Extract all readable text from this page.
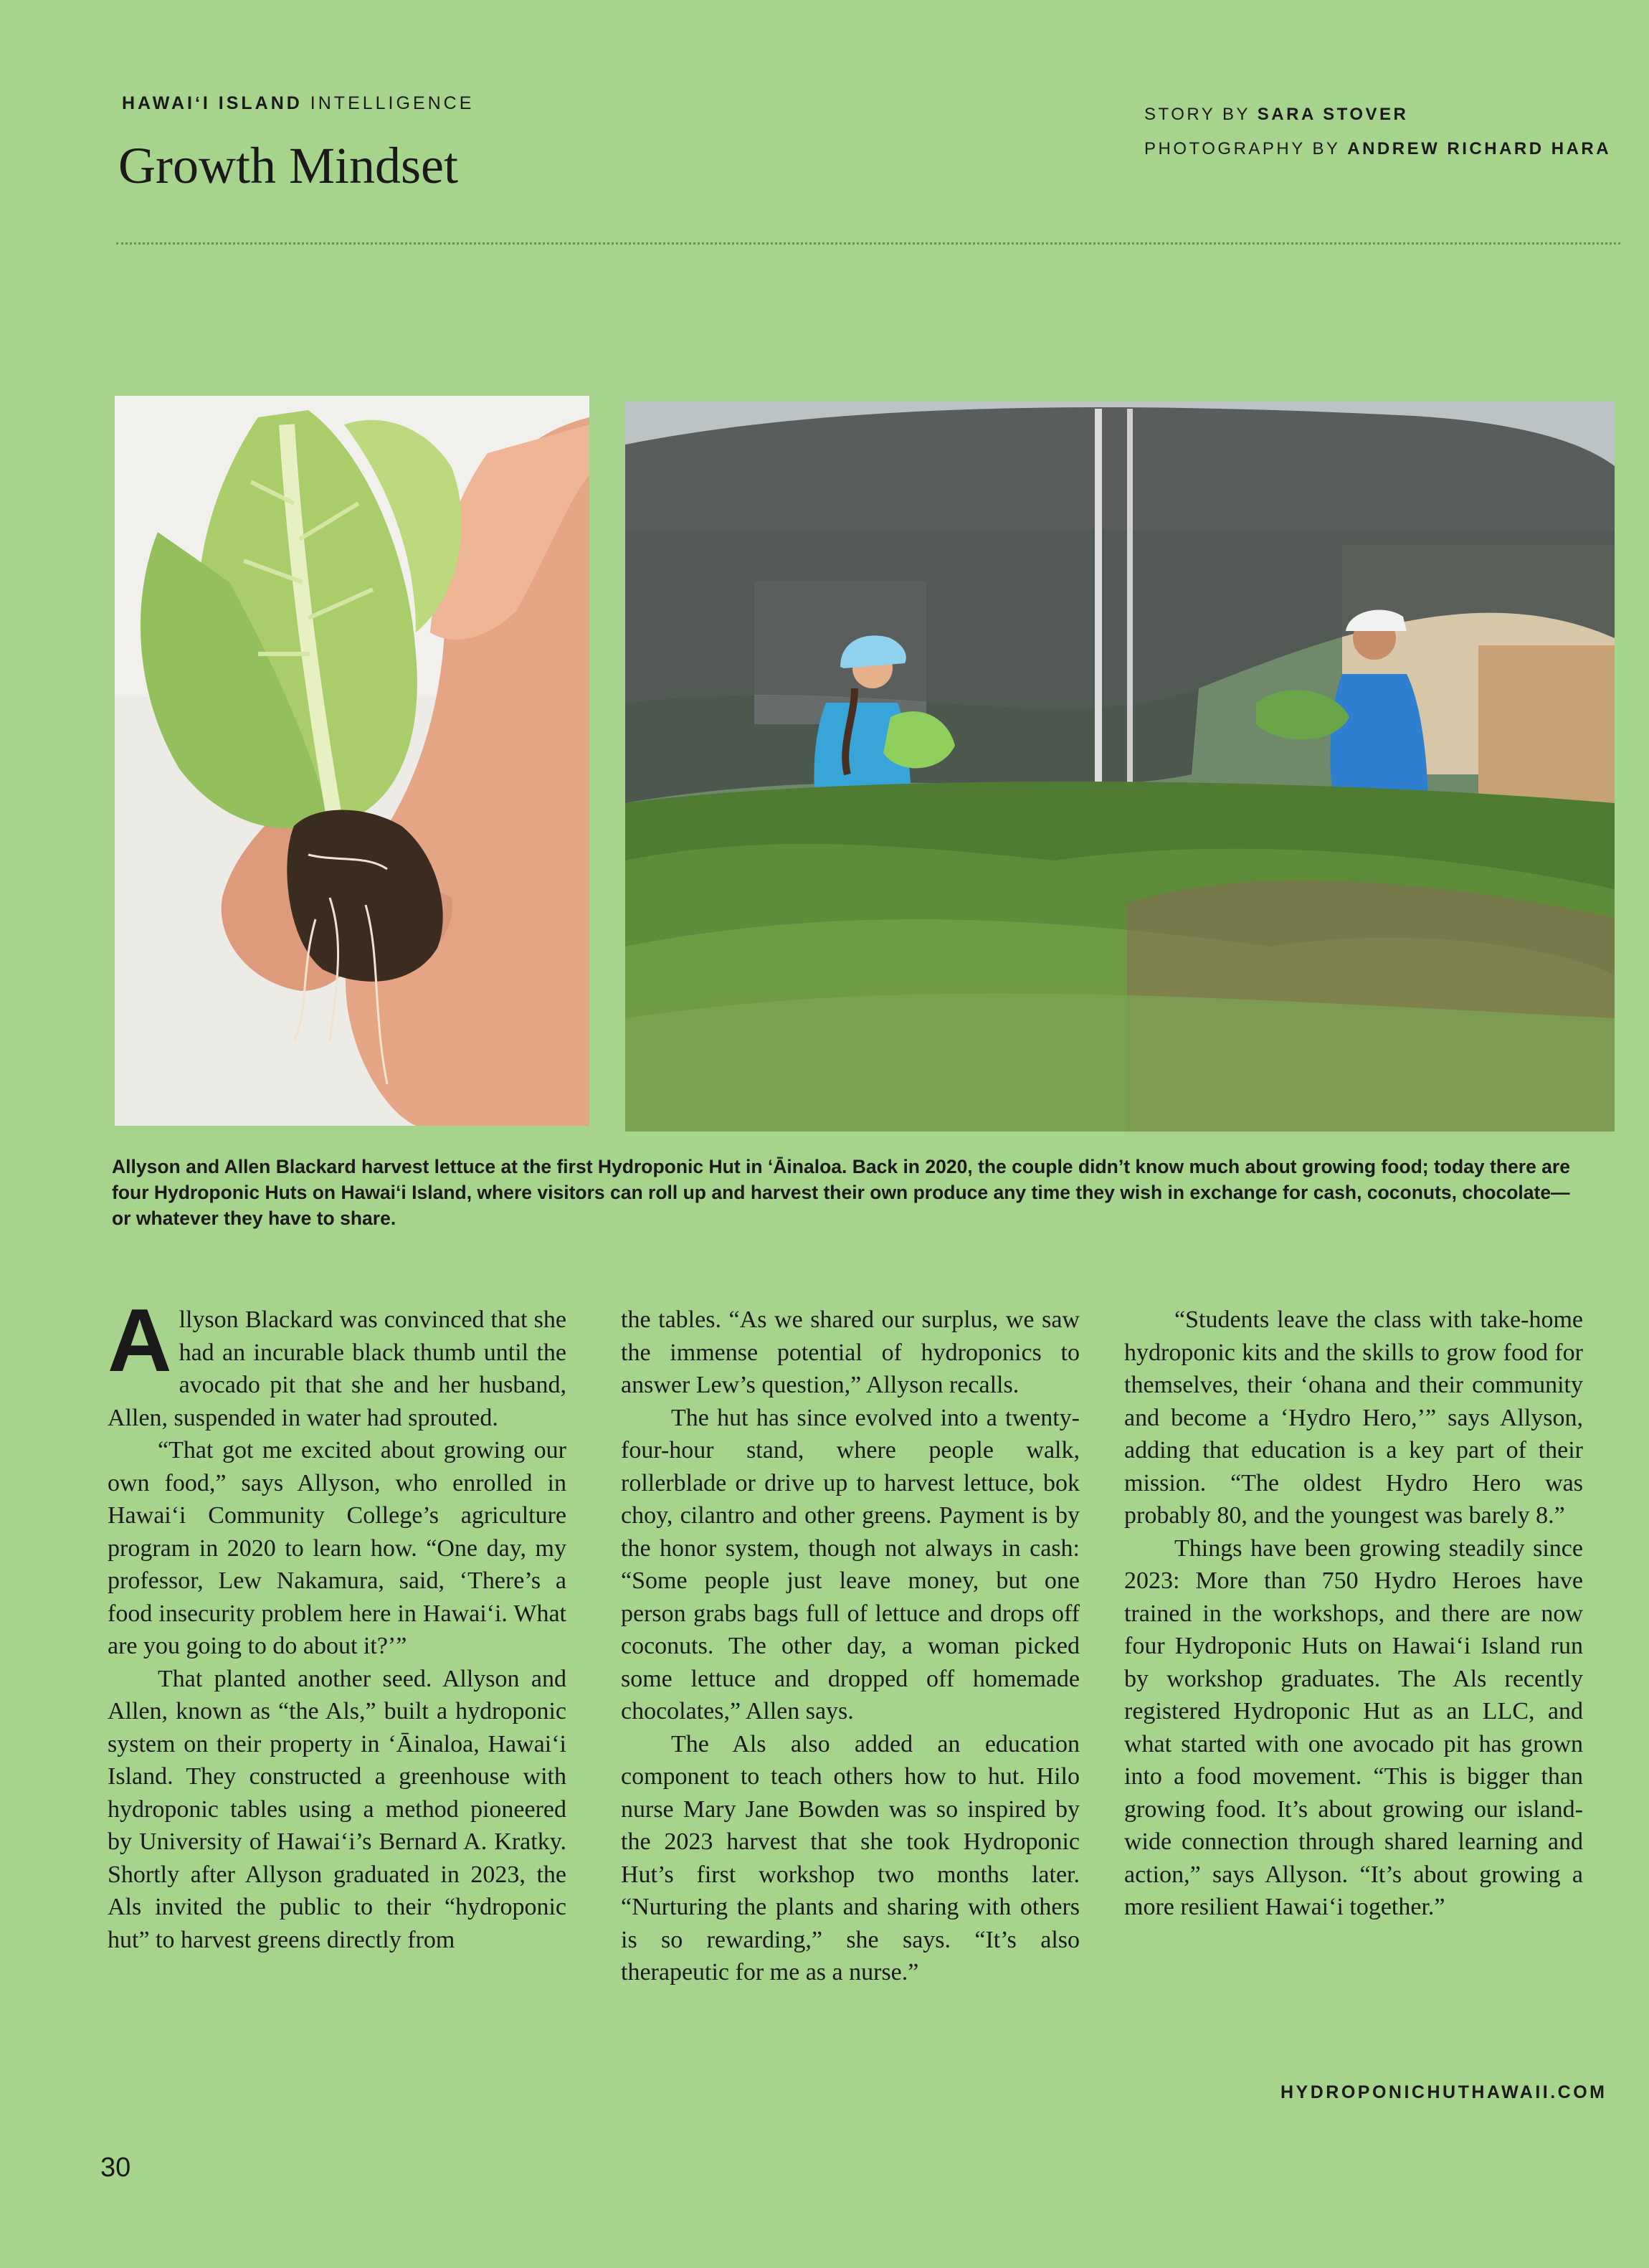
HAWAIʻI ISLAND INTELLIGENCE
Growth Mindset
STORY BY SARA STOVER
PHOTOGRAPHY BY ANDREW RICHARD HARA
Allyson and Allen Blackard harvest lettuce at the first Hydroponic Hut in ʻĀinaloa. Back in 2020, the couple didn’t know much about growing food; today there are four Hydroponic Huts on Hawaiʻi Island, where visitors can roll up and harvest their own produce any time they wish in exchange for cash, coconuts, chocolate—or whatever they have to share.

Allyson Blackard was convinced that she had an incurable black thumb until the avocado pit that she and her husband, Allen, suspended in water had sprouted.

“That got me excited about growing our own food,” says Allyson, who enrolled in Hawaiʻi Community College’s agriculture program in 2020 to learn how. “One day, my professor, Lew Nakamura, said, ‘There’s a food insecurity problem here in Hawaiʻi. What are you going to do about it?’”

That planted another seed. Allyson and Allen, known as “the Als,” built a hydroponic system on their property in ʻĀinaloa, Hawaiʻi Island. They constructed a greenhouse with hydroponic tables using a method pioneered by University of Hawaiʻi’s Bernard A. Kratky. Shortly after Allyson graduated in 2023, the Als invited the public to their “hydroponic hut” to harvest greens directly from

the tables. “As we shared our surplus, we saw the immense potential of hydroponics to answer Lew’s question,” Allyson recalls.

The hut has since evolved into a twenty-four-hour stand, where people walk, rollerblade or drive up to harvest lettuce, bok choy, cilantro and other greens. Payment is by the honor system, though not always in cash: “Some people just leave money, but one person grabs bags full of lettuce and drops off coconuts. The other day, a woman picked some lettuce and dropped off homemade chocolates,” Allen says.

The Als also added an education component to teach others how to hut. Hilo nurse Mary Jane Bowden was so inspired by the 2023 harvest that she took Hydroponic Hut’s first workshop two months later. “Nurturing the plants and sharing with others is so rewarding,” she says. “It’s also therapeutic for me as a nurse.”

“Students leave the class with take-home hydroponic kits and the skills to grow food for themselves, their ʻohana and their community and become a ‘Hydro Hero,’” says Allyson, adding that education is a key part of their mission. “The oldest Hydro Hero was probably 80, and the youngest was barely 8.”

Things have been growing steadily since 2023: More than 750 Hydro Heroes have trained in the workshops, and there are now four Hydroponic Huts on Hawaiʻi Island run by workshop graduates. The Als recently registered Hydroponic Hut as an LLC, and what started with one avocado pit has grown into a food movement. “This is bigger than growing food. It’s about growing our island-wide connection through shared learning and action,” says Allyson. “It’s about growing a more resilient Hawaiʻi together.”

HYDROPONICHUTHAWAII.COM
30
